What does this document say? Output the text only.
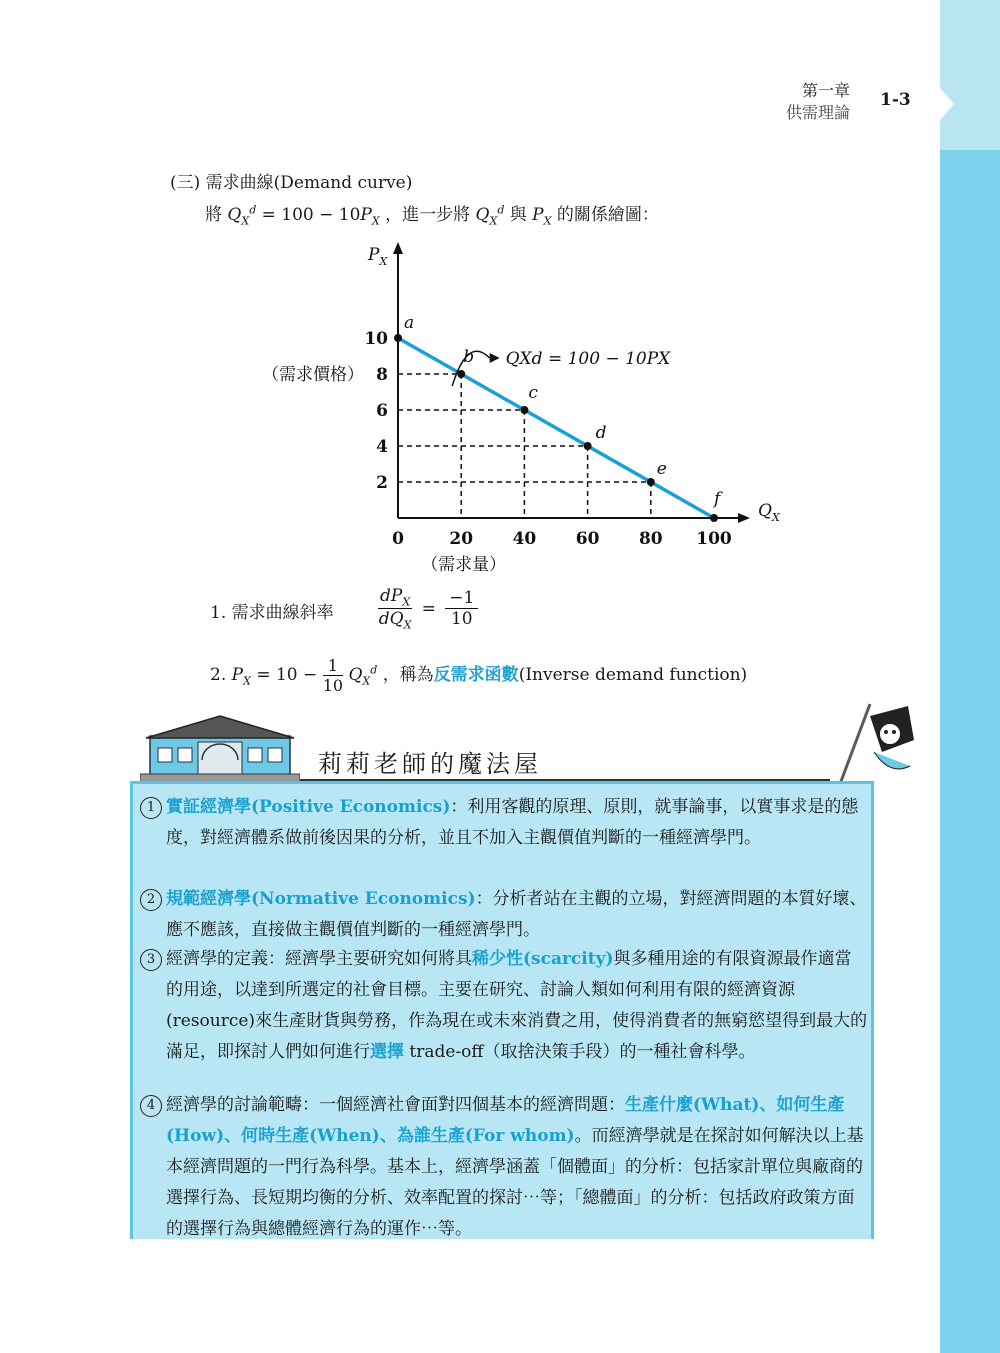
第一章
供需理論
1-3
(三) 需求曲線(Demand curve)
將 $Q_X^d = 100 - 10P_X$ ，進一步將 $Q_X^d$ 與 $P_X$ 的關係繪圖：
$P_X$
$Q_X$
2
4
6
8
10
0	20 40 60 80 100
（需求價格）
（需求量）
a
b
c
d
e
f
QXd = 100 − 10PX
1. 需求曲線斜率
$dP_X$
$dQ_X$
= $\frac{-1}{10}$
2. $P_X = 10 - \frac{1}{10} Q_X^d$ ，稱為反需求函數(Inverse demand function)
莉莉老師的魔法屋
1 實証經濟學(Positive Economics)：利用客觀的原理、原則，就事論事，以實事求是的態度，對經濟體系做前後因果的分析，並且不加入主觀價值判斷的一種經濟學門。
2 規範經濟學(Normative Economics)：分析者站在主觀的立場，對經濟問題的本質好壞、應不應該，直接做主觀價值判斷的一種經濟學門。
3 經濟學的定義：經濟學主要研究如何將具稀少性(scarcity)與多種用途的有限資源最作適當的用途，以達到所選定的社會目標。主要在研究、討論人類如何利用有限的經濟資源(resource)來生產財貨與勞務，作為現在或未來消費之用，使得消費者的無窮慾望得到最大的滿足，即探討人們如何進行選擇 trade-off（取捨決策手段）的一種社會科學。
4 經濟學的討論範疇：一個經濟社會面對四個基本的經濟問題：生產什麼(What)、如何生產(How)、何時生產(When)、為誰生產(For whom)。而經濟學就是在探討如何解決以上基本經濟問題的一門行為科學。基本上，經濟學涵蓋「個體面」的分析：包括家計單位與廠商的選擇行為、長短期均衡的分析、效率配置的探討⋯等；「總體面」的分析：包括政府政策方面的選擇行為與總體經濟行為的運作⋯等。
